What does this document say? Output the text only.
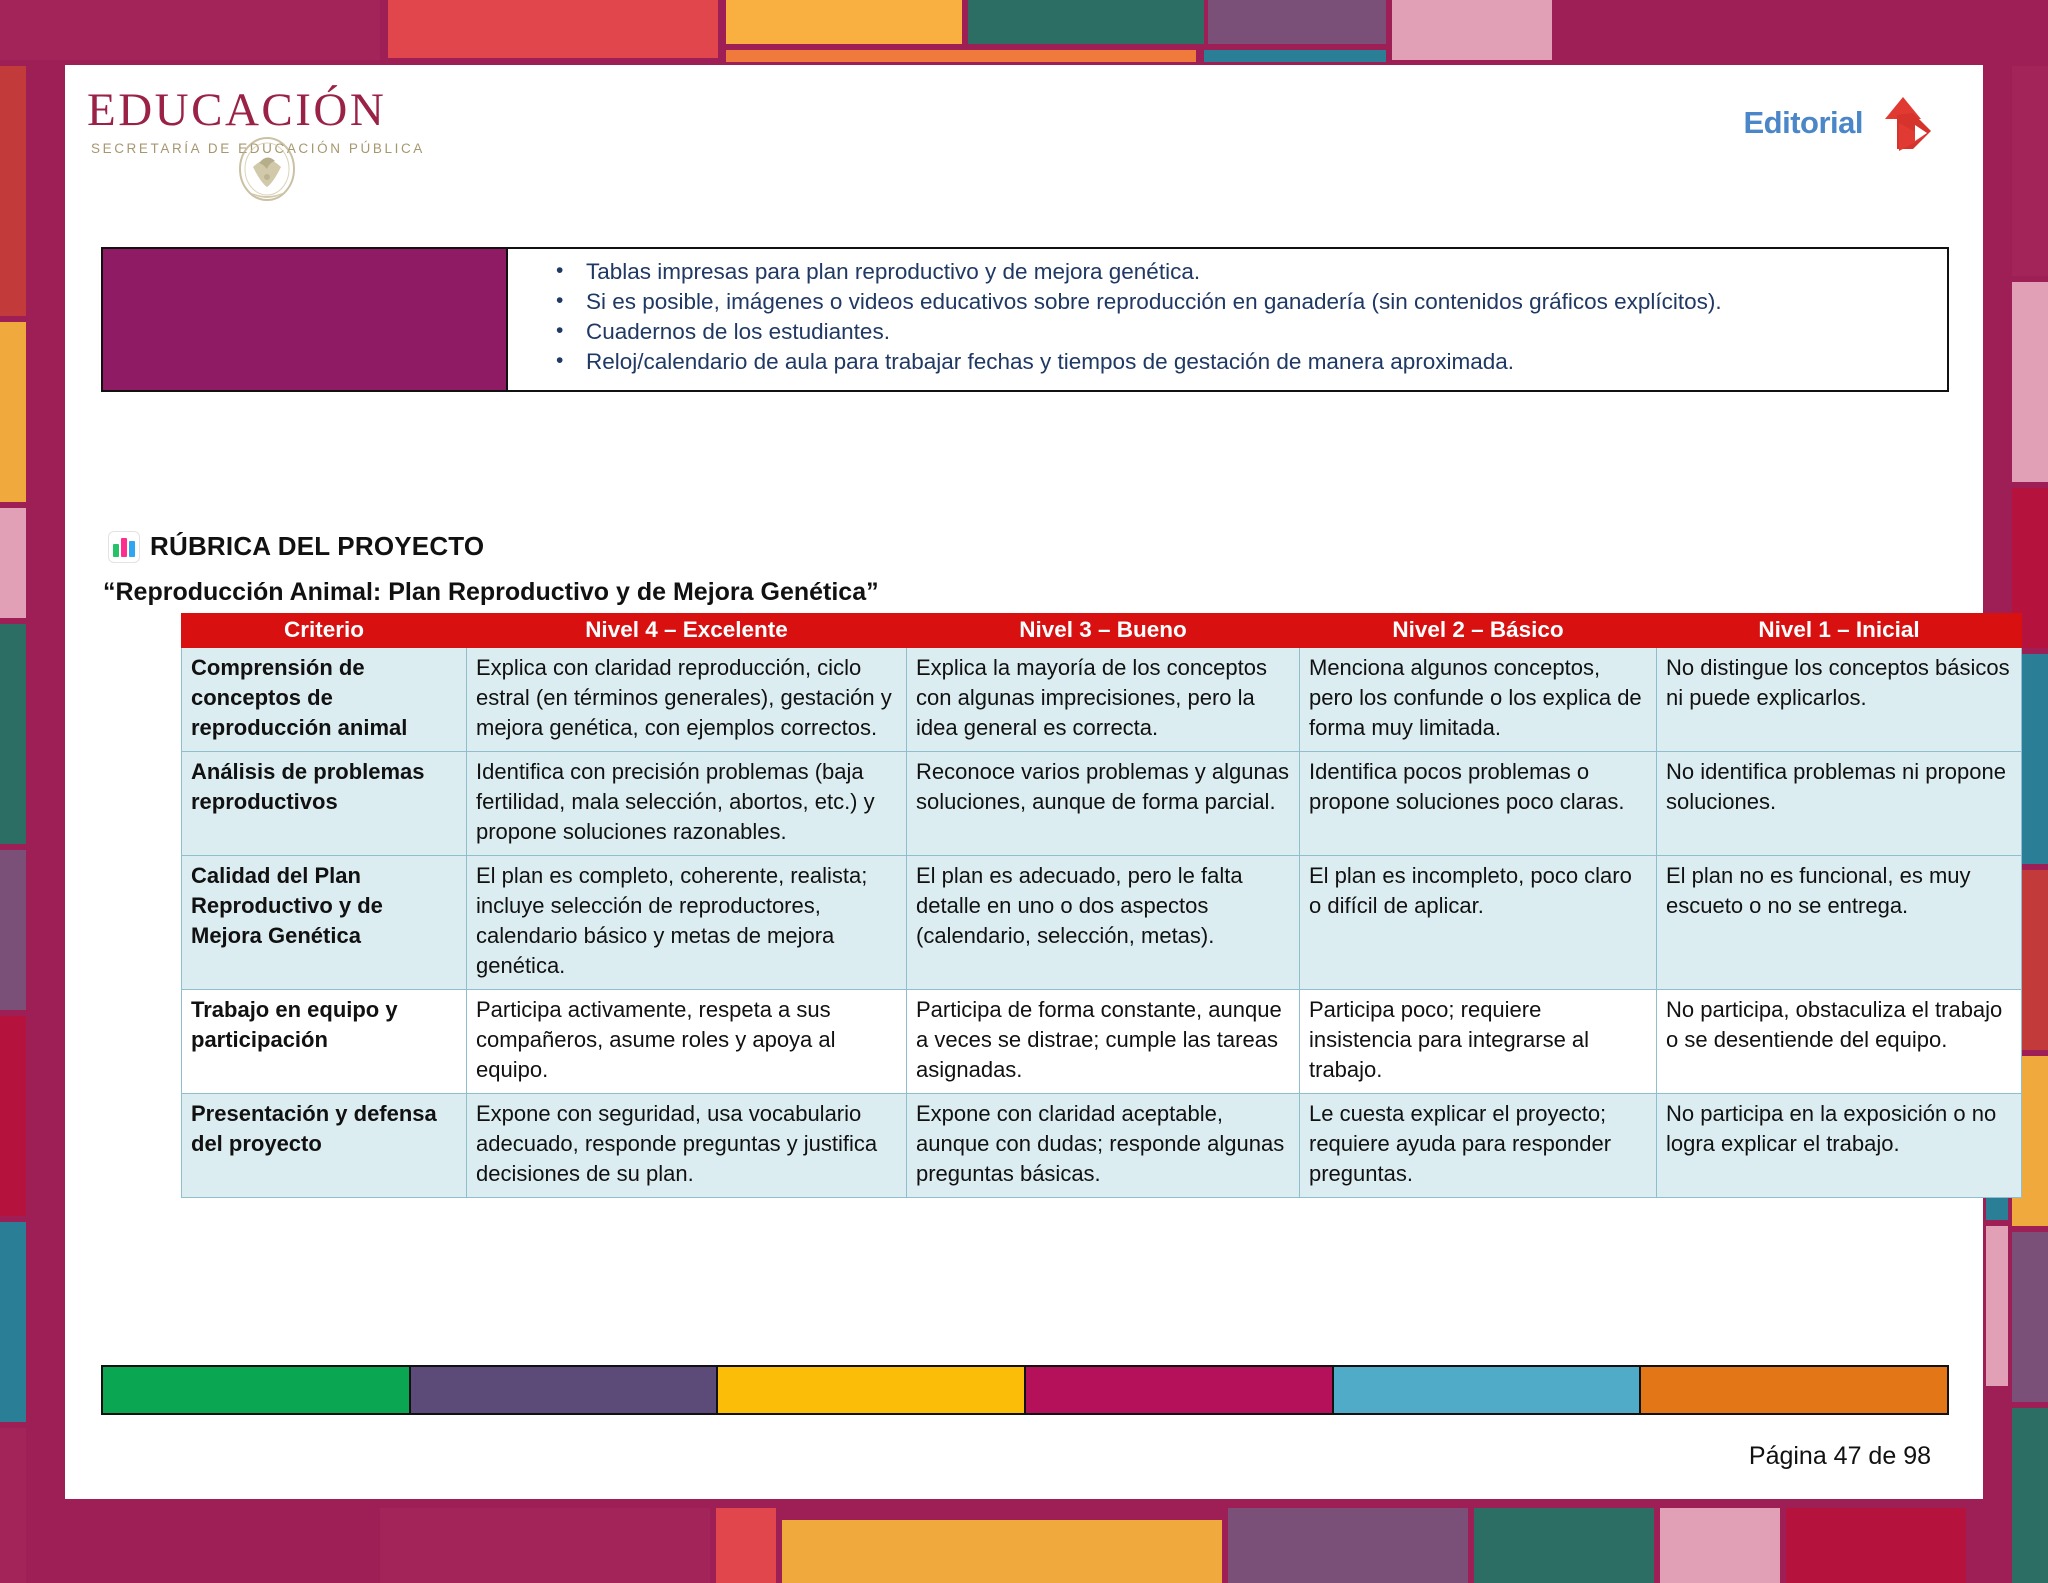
EDUCACIÓN
SECRETARÍA DE EDUCACIÓN PÚBLICA
Editorial
• Tablas impresas para plan reproductivo y de mejora genética.
• Si es posible, imágenes o videos educativos sobre reproducción en ganadería (sin contenidos gráficos explícitos).
• Cuadernos de los estudiantes.
• Reloj/calendario de aula para trabajar fechas y tiempos de gestación de manera aproximada.
RÚBRICA DEL PROYECTO
“Reproducción Animal: Plan Reproductivo y de Mejora Genética”
Criterio	Nivel 4 – Excelente	Nivel 3 – Bueno	Nivel 2 – Básico	Nivel 1 – Inicial
Comprensión de conceptos de reproducción animal	Explica con claridad reproducción, ciclo estral (en términos generales), gestación y mejora genética, con ejemplos correctos.	Explica la mayoría de los conceptos con algunas imprecisiones, pero la idea general es correcta.	Menciona algunos conceptos, pero los confunde o los explica de forma muy limitada.	No distingue los conceptos básicos ni puede explicarlos.
Análisis de problemas reproductivos	Identifica con precisión problemas (baja fertilidad, mala selección, abortos, etc.) y propone soluciones razonables.	Reconoce varios problemas y algunas soluciones, aunque de forma parcial.	Identifica pocos problemas o propone soluciones poco claras.	No identifica problemas ni propone soluciones.
Calidad del Plan Reproductivo y de Mejora Genética	El plan es completo, coherente, realista; incluye selección de reproductores, calendario básico y metas de mejora genética.	El plan es adecuado, pero le falta detalle en uno o dos aspectos (calendario, selección, metas).	El plan es incompleto, poco claro o difícil de aplicar.	El plan no es funcional, es muy escueto o no se entrega.
Trabajo en equipo y participación	Participa activamente, respeta a sus compañeros, asume roles y apoya al equipo.	Participa de forma constante, aunque a veces se distrae; cumple las tareas asignadas.	Participa poco; requiere insistencia para integrarse al trabajo.	No participa, obstaculiza el trabajo o se desentiende del equipo.
Presentación y defensa del proyecto	Expone con seguridad, usa vocabulario adecuado, responde preguntas y justifica decisiones de su plan.	Expone con claridad aceptable, aunque con dudas; responde algunas preguntas básicas.	Le cuesta explicar el proyecto; requiere ayuda para responder preguntas.	No participa en la exposición o no logra explicar el trabajo.
Página 47 de 98
